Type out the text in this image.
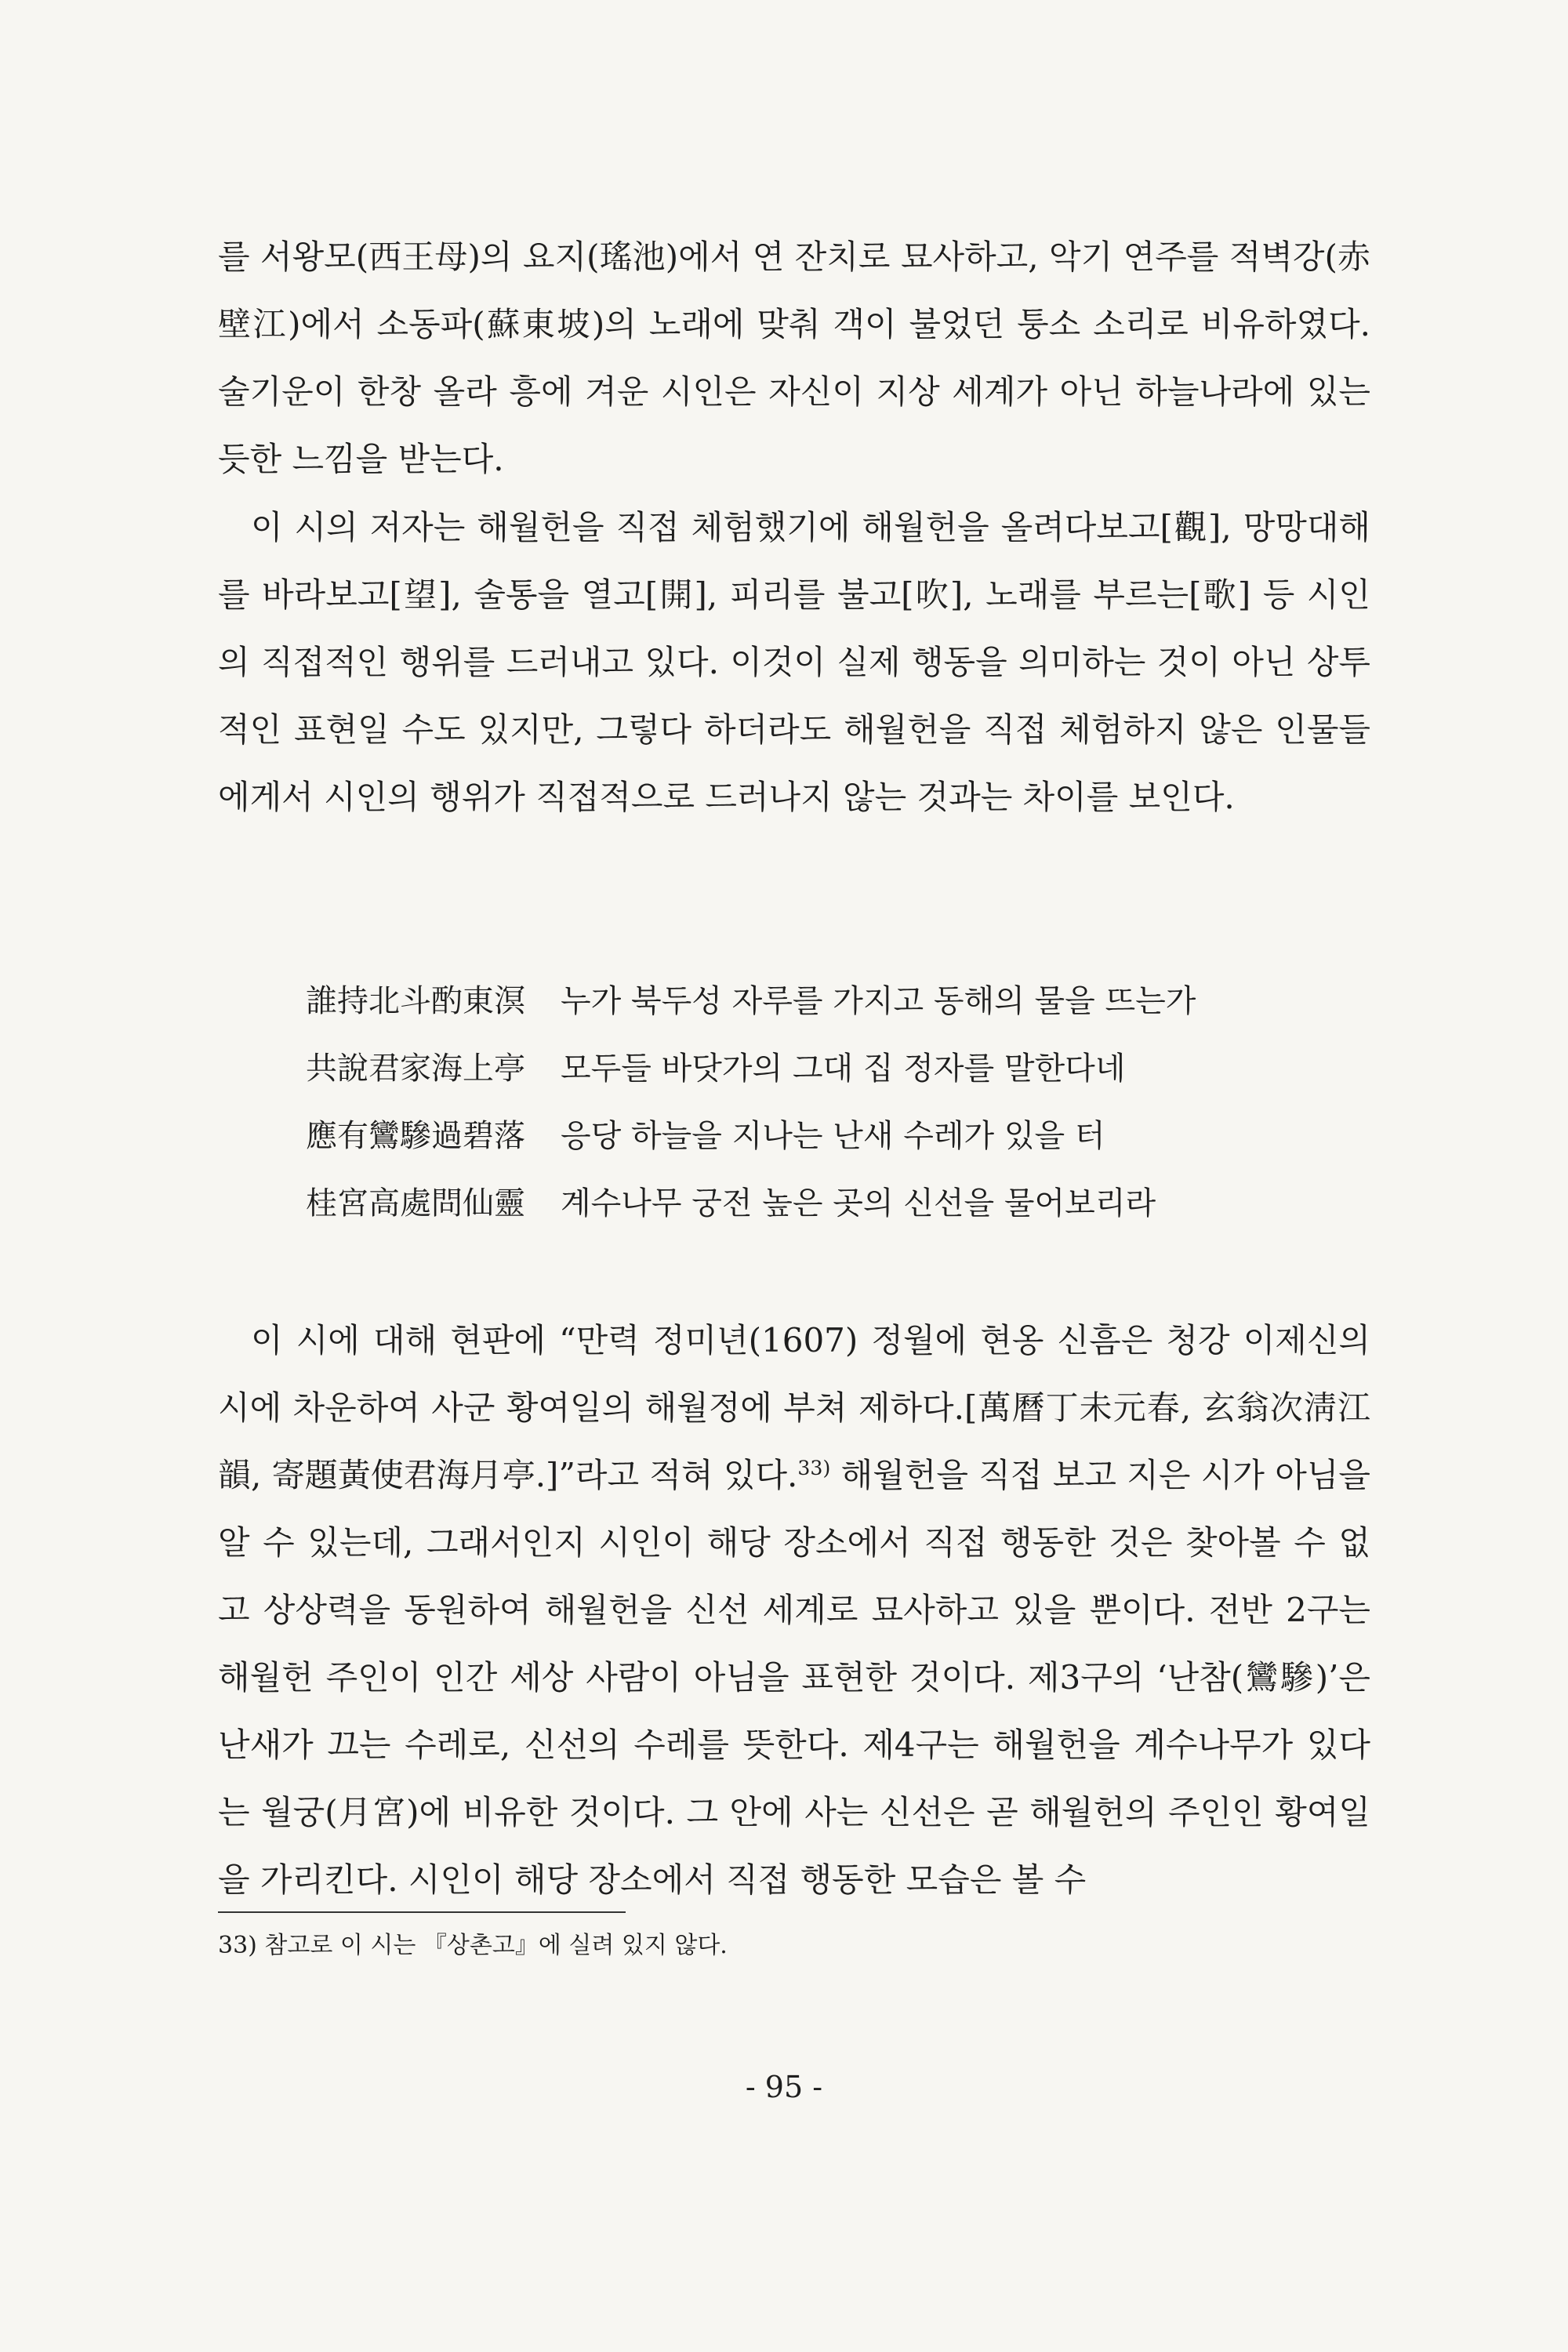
를 서왕모(西王母)의 요지(瑤池)에서 연 잔치로 묘사하고, 악기 연주를 적벽강(赤壁江)에서 소동파(蘇東坡)의 노래에 맞춰 객이 불었던 퉁소 소리로 비유하였다. 술기운이 한창 올라 흥에 겨운 시인은 자신이 지상 세계가 아닌 하늘나라에 있는 듯한 느낌을 받는다.

이 시의 저자는 해월헌을 직접 체험했기에 해월헌을 올려다보고[觀], 망망대해를 바라보고[望], 술통을 열고[開], 피리를 불고[吹], 노래를 부르는[歌] 등 시인의 직접적인 행위를 드러내고 있다. 이것이 실제 행동을 의미하는 것이 아닌 상투적인 표현일 수도 있지만, 그렇다 하더라도 해월헌을 직접 체험하지 않은 인물들에게서 시인의 행위가 직접적으로 드러나지 않는 것과는 차이를 보인다.

誰持北斗酌東溟	누가 북두성 자루를 가지고 동해의 물을 뜨는가
共說君家海上亭	모두들 바닷가의 그대 집 정자를 말한다네
應有鸞驂過碧落	응당 하늘을 지나는 난새 수레가 있을 터
桂宮高處問仙靈	계수나무 궁전 높은 곳의 신선을 물어보리라

이 시에 대해 현판에 “만력 정미년(1607) 정월에 현옹 신흠은 청강 이제신의 시에 차운하여 사군 황여일의 해월정에 부쳐 제하다.[萬曆丁未元春, 玄翁次淸江韻, 寄題黃使君海月亭.]”라고 적혀 있다.$^{33)}$ 해월헌을 직접 보고 지은 시가 아님을 알 수 있는데, 그래서인지 시인이 해당 장소에서 직접 행동한 것은 찾아볼 수 없고 상상력을 동원하여 해월헌을 신선 세계로 묘사하고 있을 뿐이다. 전반 2구는 해월헌 주인이 인간 세상 사람이 아님을 표현한 것이다. 제3구의 ‘난참(鸞驂)’은 난새가 끄는 수레로, 신선의 수레를 뜻한다. 제4구는 해월헌을 계수나무가 있다는 월궁(月宮)에 비유한 것이다. 그 안에 사는 신선은 곧 해월헌의 주인인 황여일을 가리킨다. 시인이 해당 장소에서 직접 행동한 모습은 볼 수

33) 참고로 이 시는 『상촌고』에 실려 있지 않다.
- 95 -
